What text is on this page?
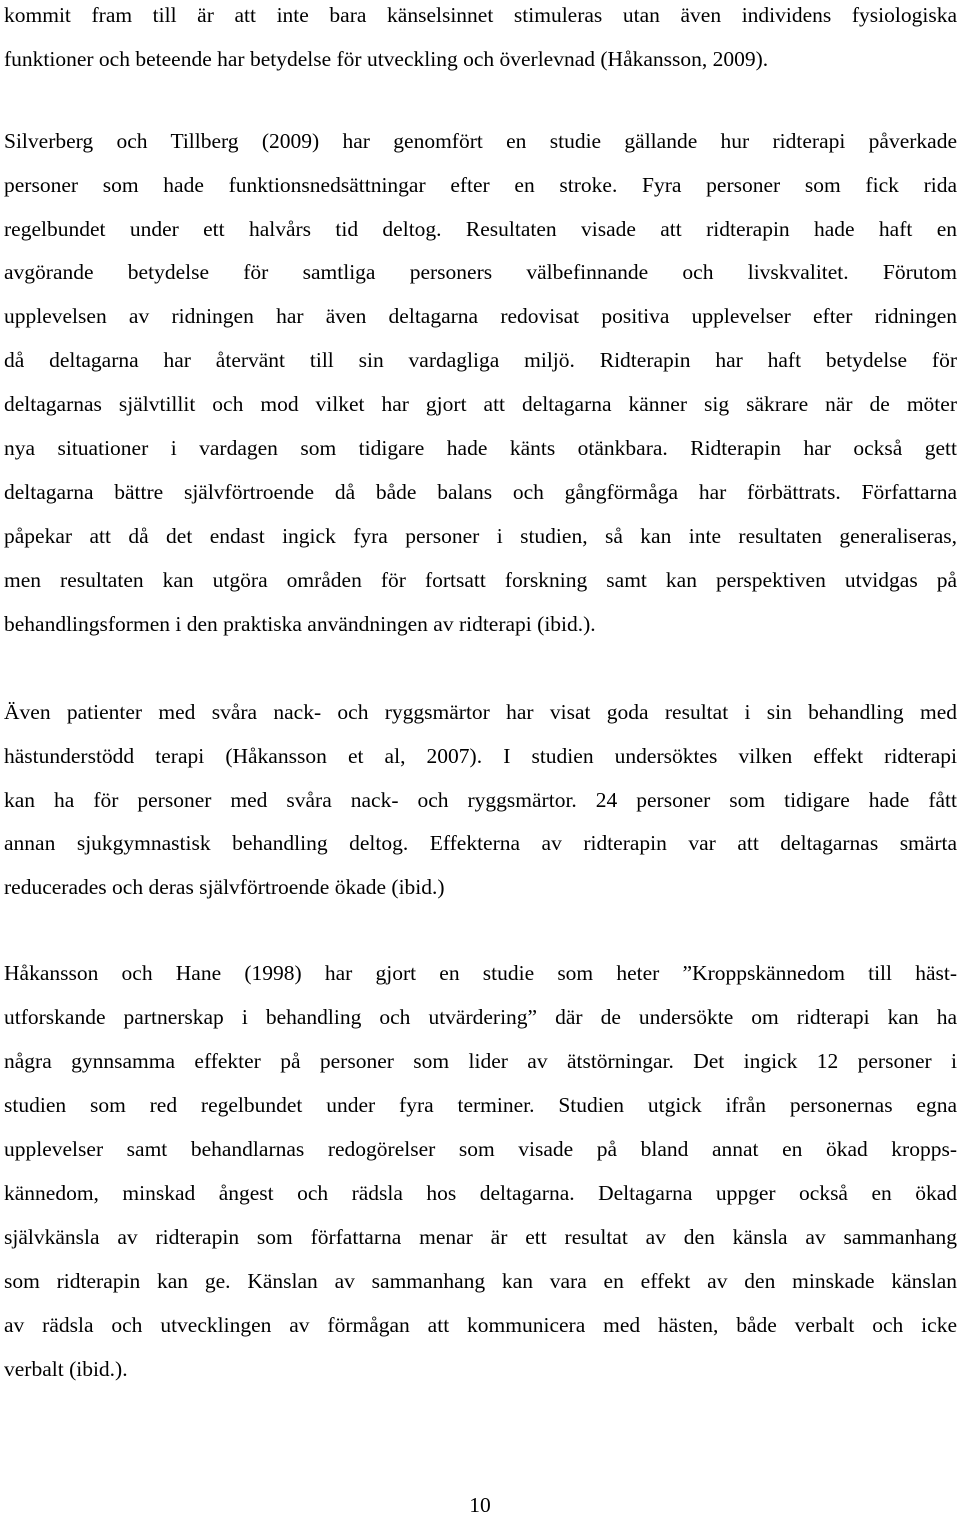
kommit fram till är att inte bara känselsinnet stimuleras utan även individens fysiologiska
funktioner och beteende har betydelse för utveckling och överlevnad (Håkansson, 2009).
Silverberg och Tillberg (2009) har genomfört en studie gällande hur ridterapi påverkade
personer som hade funktionsnedsättningar efter en stroke. Fyra personer som fick rida
regelbundet under ett halvårs tid deltog. Resultaten visade att ridterapin hade haft en
avgörande betydelse för samtliga personers välbefinnande och livskvalitet. Förutom
upplevelsen av ridningen har även deltagarna redovisat positiva upplevelser efter ridningen
då deltagarna har återvänt till sin vardagliga miljö. Ridterapin har haft betydelse för
deltagarnas självtillit och mod vilket har gjort att deltagarna känner sig säkrare när de möter
nya situationer i vardagen som tidigare hade känts otänkbara. Ridterapin har också gett
deltagarna bättre självförtroende då både balans och gångförmåga har förbättrats. Författarna
påpekar att då det endast ingick fyra personer i studien, så kan inte resultaten generaliseras,
men resultaten kan utgöra områden för fortsatt forskning samt kan perspektiven utvidgas på
behandlingsformen i den praktiska användningen av ridterapi (ibid.).
Även patienter med svåra nack- och ryggsmärtor har visat goda resultat i sin behandling med
hästunderstödd terapi (Håkansson et al, 2007). I studien undersöktes vilken effekt ridterapi
kan ha för personer med svåra nack- och ryggsmärtor. 24 personer som tidigare hade fått
annan sjukgymnastisk behandling deltog. Effekterna av ridterapin var att deltagarnas smärta
reducerades och deras självförtroende ökade (ibid.)
Håkansson och Hane (1998) har gjort en studie som heter ”Kroppskännedom till häst-
utforskande partnerskap i behandling och utvärdering” där de undersökte om ridterapi kan ha
några gynnsamma effekter på personer som lider av ätstörningar. Det ingick 12 personer i
studien som red regelbundet under fyra terminer. Studien utgick ifrån personernas egna
upplevelser samt behandlarnas redogörelser som visade på bland annat en ökad kropps-
kännedom, minskad ångest och rädsla hos deltagarna. Deltagarna uppger också en ökad
självkänsla av ridterapin som författarna menar är ett resultat av den känsla av sammanhang
som ridterapin kan ge. Känslan av sammanhang kan vara en effekt av den minskade känslan
av rädsla och utvecklingen av förmågan att kommunicera med hästen, både verbalt och icke
verbalt (ibid.).
10
